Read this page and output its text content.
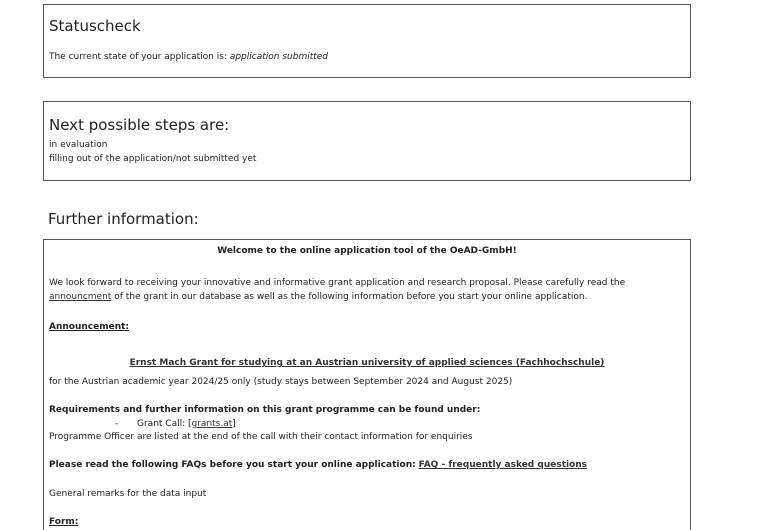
Statuscheck
The current state of your application is: application submitted
Next possible steps are:
in evaluation
filling out of the application/not submitted yet
Further information:
Welcome to the online application tool of the OeAD-GmbH!
We look forward to receiving your innovative and informative grant application and research proposal. Please carefully read the announcment of the grant in our database as well as the following information before you start your online application.
Announcement:
Ernst Mach Grant for studying at an Austrian university of applied sciences (Fachhochschule)
for the Austrian academic year 2024/25 only (study stays between September 2024 and August 2025)
Requirements and further information on this grant programme can be found under:
- Grant Call: [grants.at]
Programme Officer are listed at the end of the call with their contact information for enquiries
Please read the following FAQs before you start your online application: FAQ - frequently asked questions
General remarks for the data input
Form:
